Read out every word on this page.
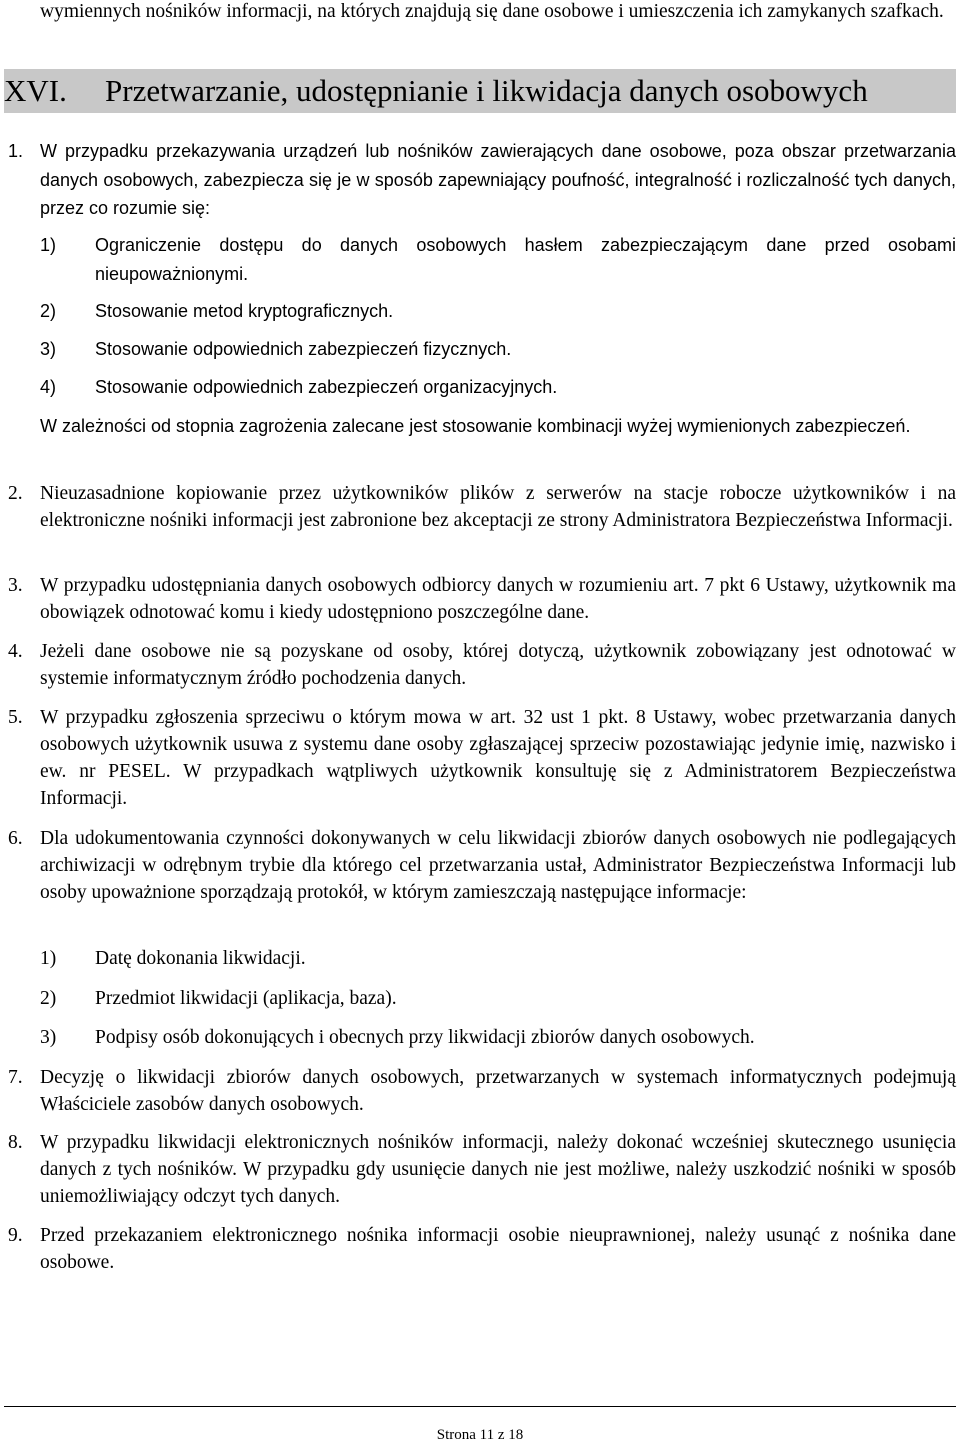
wymiennych nośników informacji, na których znajdują się dane osobowe i umieszczenia ich zamykanych szafkach.

XVI. Przetwarzanie, udostępnianie i likwidacja danych osobowych
1. W przypadku przekazywania urządzeń lub nośników zawierających dane osobowe, poza obszar przetwarzania danych osobowych, zabezpiecza się je w sposób zapewniający poufność, integralność i rozliczalność tych danych, przez co rozumie się:

1) Ograniczenie dostępu do danych osobowych hasłem zabezpieczającym dane przed osobami nieupoważnionymi.

2) Stosowanie metod kryptograficznych.

3) Stosowanie odpowiednich zabezpieczeń fizycznych.

4) Stosowanie odpowiednich zabezpieczeń organizacyjnych.

W zależności od stopnia zagrożenia zalecane jest stosowanie kombinacji wyżej wymienionych zabezpieczeń.

2. Nieuzasadnione kopiowanie przez użytkowników plików z serwerów na stacje robocze użytkowników i na elektroniczne nośniki informacji jest zabronione bez akceptacji ze strony Administratora Bezpieczeństwa Informacji.

3. W przypadku udostępniania danych osobowych odbiorcy danych w rozumieniu art. 7 pkt 6 Ustawy, użytkownik ma obowiązek odnotować komu i kiedy udostępniono poszczególne dane.

4. Jeżeli dane osobowe nie są pozyskane od osoby, której dotyczą, użytkownik zobowiązany jest odnotować w systemie informatycznym źródło pochodzenia danych.

5. W przypadku zgłoszenia sprzeciwu o którym mowa w art. 32 ust 1 pkt. 8 Ustawy, wobec przetwarzania danych osobowych użytkownik usuwa z systemu dane osoby zgłaszającej sprzeciw pozostawiając jedynie imię, nazwisko i ew. nr PESEL. W przypadkach wątpliwych użytkownik konsultuję się z Administratorem Bezpieczeństwa Informacji.

6. Dla udokumentowania czynności dokonywanych w celu likwidacji zbiorów danych osobowych nie podlegających archiwizacji w odrębnym trybie dla którego cel przetwarzania ustał, Administrator Bezpieczeństwa Informacji lub osoby upoważnione sporządzają protokół, w którym zamieszczają następujące informacje:

1) Datę dokonania likwidacji.

2) Przedmiot likwidacji (aplikacja, baza).

3) Podpisy osób dokonujących i obecnych przy likwidacji zbiorów danych osobowych.

7. Decyzję o likwidacji zbiorów danych osobowych, przetwarzanych w systemach informatycznych podejmują Właściciele zasobów danych osobowych.

8. W przypadku likwidacji elektronicznych nośników informacji, należy dokonać wcześniej skutecznego usunięcia danych z tych nośników. W przypadku gdy usunięcie danych nie jest możliwe, należy uszkodzić nośniki w sposób uniemożliwiający odczyt tych danych.

9. Przed przekazaniem elektronicznego nośnika informacji osobie nieuprawnionej, należy usunąć z nośnika dane osobowe.

Strona 11 z 18
